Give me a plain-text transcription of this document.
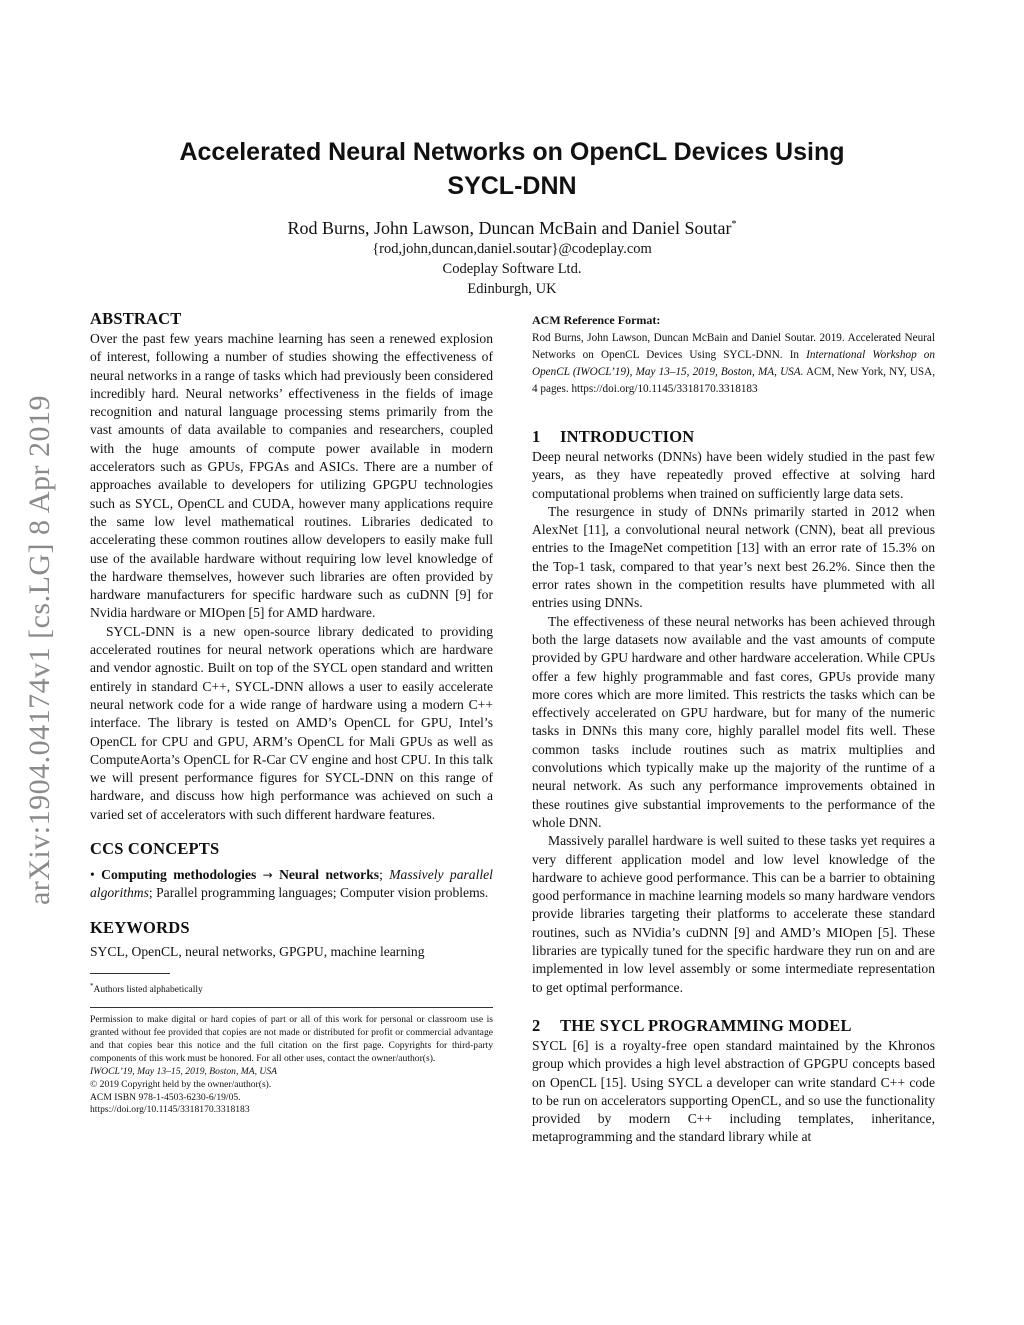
arXiv:1904.04174v1 [cs.LG] 8 Apr 2019
Accelerated Neural Networks on OpenCL Devices Using
SYCL-DNN
Rod Burns, John Lawson, Duncan McBain and Daniel Soutar*
{rod,john,duncan,daniel.soutar}@codeplay.com
Codeplay Software Ltd.
Edinburgh, UK
ABSTRACT

Over the past few years machine learning has seen a renewed explosion of interest, following a number of studies showing the effectiveness of neural networks in a range of tasks which had previously been considered incredibly hard. Neural networks’ effectiveness in the fields of image recognition and natural language processing stems primarily from the vast amounts of data available to companies and researchers, coupled with the huge amounts of compute power available in modern accelerators such as GPUs, FPGAs and ASICs. There are a number of approaches available to developers for utilizing GPGPU technologies such as SYCL, OpenCL and CUDA, however many applications require the same low level mathematical routines. Libraries dedicated to accelerating these common routines allow developers to easily make full use of the available hardware without requiring low level knowledge of the hardware themselves, however such libraries are often provided by hardware manufacturers for specific hardware such as cuDNN [9] for Nvidia hardware or MIOpen [5] for AMD hardware.

SYCL-DNN is a new open-source library dedicated to providing accelerated routines for neural network operations which are hardware and vendor agnostic. Built on top of the SYCL open standard and written entirely in standard C++, SYCL-DNN allows a user to easily accelerate neural network code for a wide range of hardware using a modern C++ interface. The library is tested on AMD’s OpenCL for GPU, Intel’s OpenCL for CPU and GPU, ARM’s OpenCL for Mali GPUs as well as ComputeAorta’s OpenCL for R-Car CV engine and host CPU. In this talk we will present performance figures for SYCL-DNN on this range of hardware, and discuss how high performance was achieved on such a varied set of accelerators with such different hardware features.

CCS CONCEPTS

• Computing methodologies → Neural networks; Massively parallel algorithms; Parallel programming languages; Computer vision problems.

KEYWORDS

SYCL, OpenCL, neural networks, GPGPU, machine learning

*Authors listed alphabetically
Permission to make digital or hard copies of part or all of this work for personal or classroom use is granted without fee provided that copies are not made or distributed for profit or commercial advantage and that copies bear this notice and the full citation on the first page. Copyrights for third-party components of this work must be honored. For all other uses, contact the owner/author(s).
IWOCL’19, May 13–15, 2019, Boston, MA, USA
© 2019 Copyright held by the owner/author(s).
ACM ISBN 978-1-4503-6230-6/19/05.
https://doi.org/10.1145/3318170.3318183
ACM Reference Format:

Rod Burns, John Lawson, Duncan McBain and Daniel Soutar. 2019. Accelerated Neural Networks on OpenCL Devices Using SYCL-DNN. In International Workshop on OpenCL (IWOCL’19), May 13–15, 2019, Boston, MA, USA. ACM, New York, NY, USA, 4 pages. https://doi.org/10.1145/3318170.3318183

1 INTRODUCTION

Deep neural networks (DNNs) have been widely studied in the past few years, as they have repeatedly proved effective at solving hard computational problems when trained on sufficiently large data sets.

The resurgence in study of DNNs primarily started in 2012 when AlexNet [11], a convolutional neural network (CNN), beat all previous entries to the ImageNet competition [13] with an error rate of 15.3% on the Top-1 task, compared to that year’s next best 26.2%. Since then the error rates shown in the competition results have plummeted with all entries using DNNs.

The effectiveness of these neural networks has been achieved through both the large datasets now available and the vast amounts of compute provided by GPU hardware and other hardware acceleration. While CPUs offer a few highly programmable and fast cores, GPUs provide many more cores which are more limited. This restricts the tasks which can be effectively accelerated on GPU hardware, but for many of the numeric tasks in DNNs this many core, highly parallel model fits well. These common tasks include routines such as matrix multiplies and convolutions which typically make up the majority of the runtime of a neural network. As such any performance improvements obtained in these routines give substantial improvements to the performance of the whole DNN.

Massively parallel hardware is well suited to these tasks yet requires a very different application model and low level knowledge of the hardware to achieve good performance. This can be a barrier to obtaining good performance in machine learning models so many hardware vendors provide libraries targeting their platforms to accelerate these standard routines, such as NVidia’s cuDNN [9] and AMD’s MIOpen [5]. These libraries are typically tuned for the specific hardware they run on and are implemented in low level assembly or some intermediate representation to get optimal performance.

2 THE SYCL PROGRAMMING MODEL

SYCL [6] is a royalty-free open standard maintained by the Khronos group which provides a high level abstraction of GPGPU concepts based on OpenCL [15]. Using SYCL a developer can write standard C++ code to be run on accelerators supporting OpenCL, and so use the functionality provided by modern C++ including templates, inheritance, metaprogramming and the standard library while at
